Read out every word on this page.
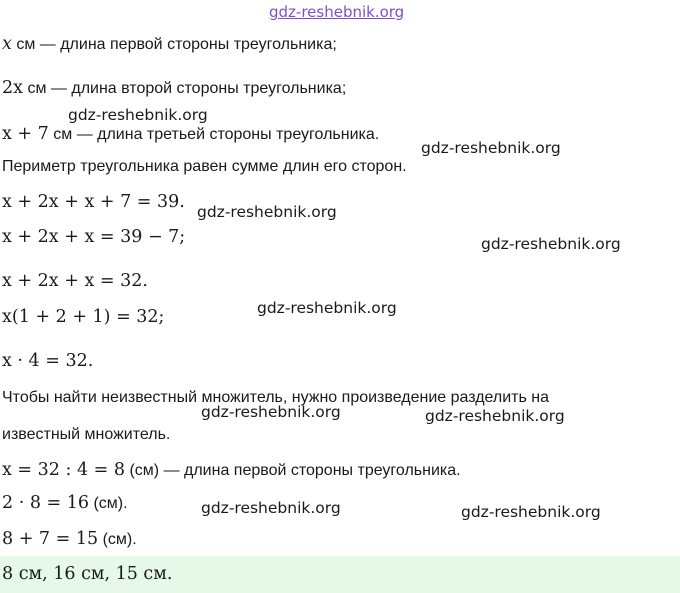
gdz-reshebnik.org
x см — длина первой стороны треугольника;
2x см — длина второй стороны треугольника;
x + 7 см — длина третьей стороны треугольника.
Периметр треугольника равен сумме длин его сторон.
x + 2x + x + 7 = 39.
x + 2x + x = 39 − 7;
x + 2x + x = 32.
x(1 + 2 + 1) = 32;
x · 4 = 32.
Чтобы найти неизвестный множитель, нужно произведение разделить на
известный множитель.
x = 32 : 4 = 8 (см) — длина первой стороны треугольника.
2 · 8 = 16 (см).
8 + 7 = 15 (см).
8 см, 16 см, 15 см.
gdz-reshebnik.org
gdz-reshebnik.org
gdz-reshebnik.org
gdz-reshebnik.org
gdz-reshebnik.org
gdz-reshebnik.org	gdz-reshebnik.org
gdz-reshebnik.org	gdz-reshebnik.org
